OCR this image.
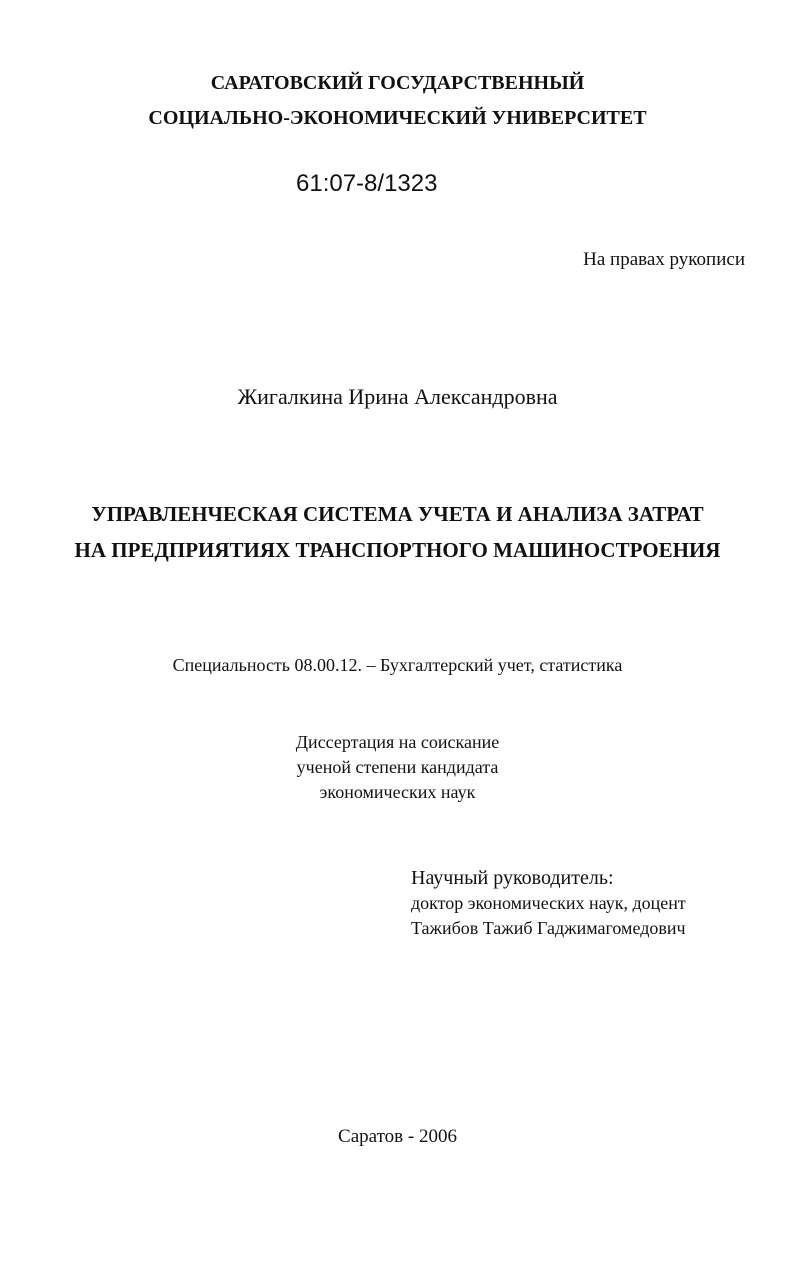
САРАТОВСКИЙ ГОСУДАРСТВЕННЫЙ
СОЦИАЛЬНО-ЭКОНОМИЧЕСКИЙ УНИВЕРСИТЕТ
61:07-8/1323
На правах рукописи
Жигалкина Ирина Александровна
УПРАВЛЕНЧЕСКАЯ СИСТЕМА УЧЕТА И АНАЛИЗА ЗАТРАТ
НА ПРЕДПРИЯТИЯХ ТРАНСПОРТНОГО МАШИНОСТРОЕНИЯ
Специальность 08.00.12. – Бухгалтерский учет, статистика
Диссертация на соискание
ученой степени кандидата
экономических наук
Научный руководитель:
доктор экономических наук, доцент
Тажибов Тажиб Гаджимагомедович
Саратов - 2006
